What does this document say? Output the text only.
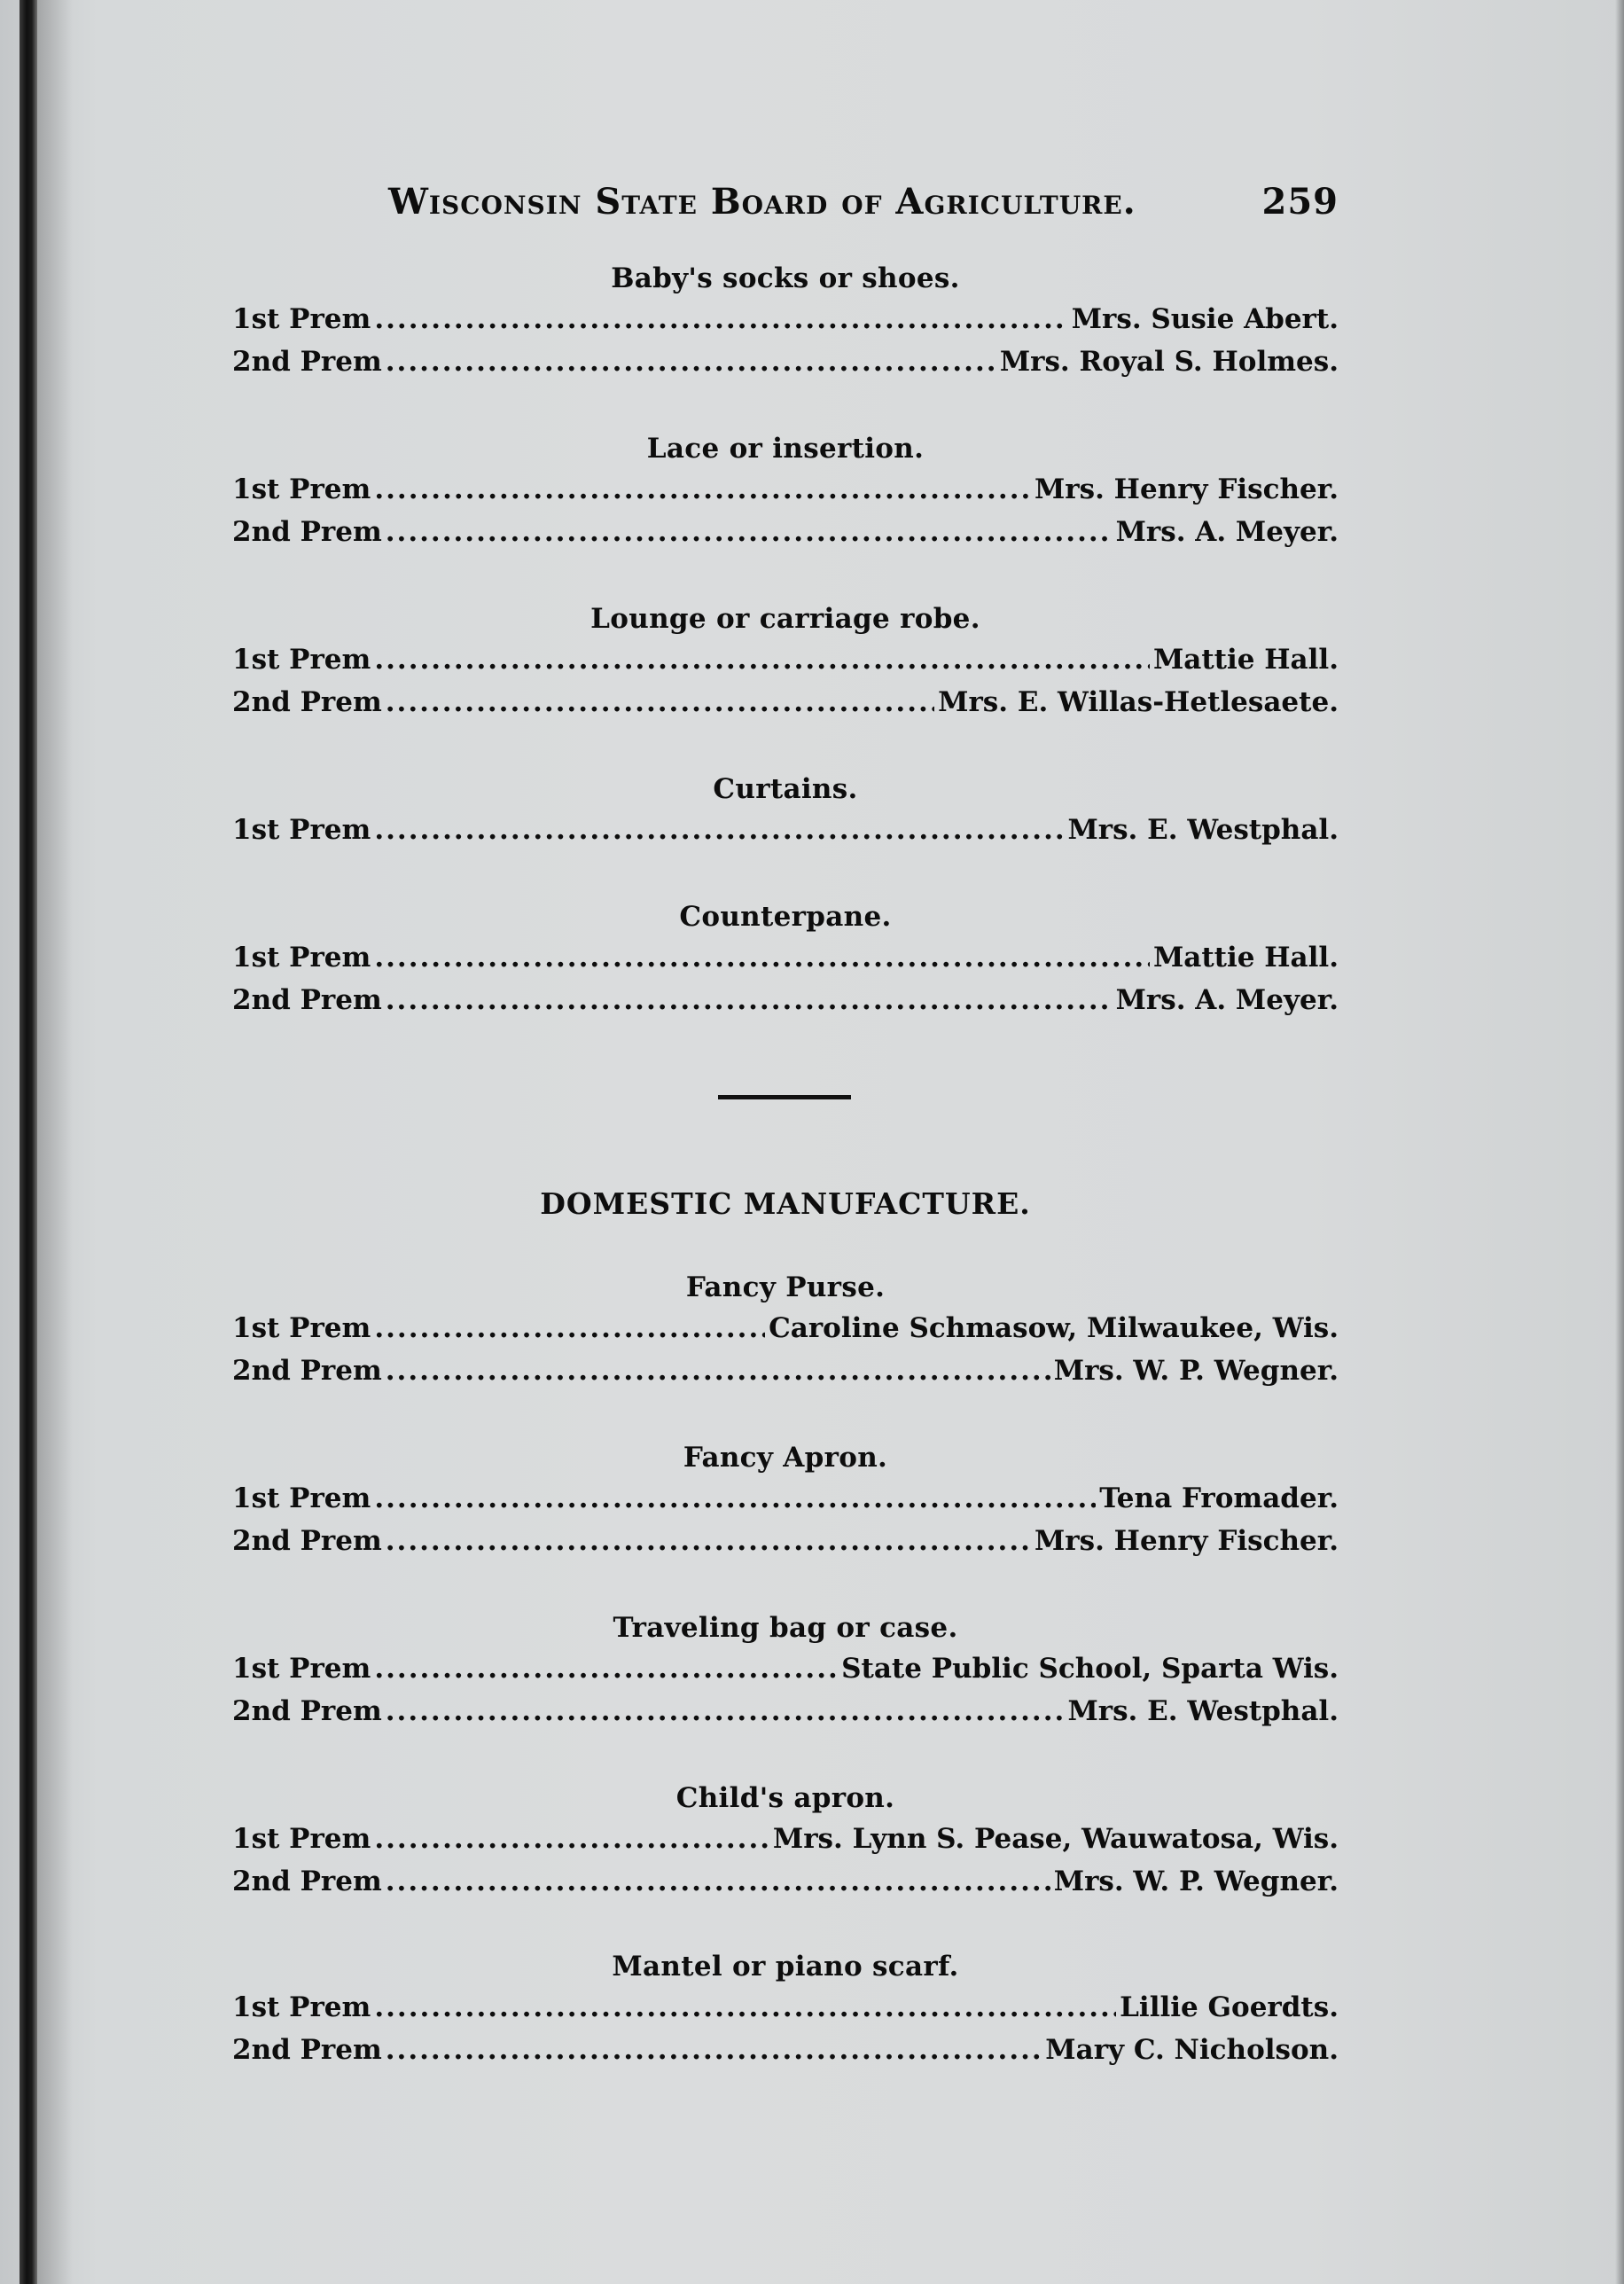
Wisconsin State Board of Agriculture.	259
Baby's socks or shoes.
1st Prem .....	Mrs. Susie Abert.
2nd Prem .....	Mrs. Royal S. Holmes.
Lace or insertion.
1st Prem .....	Mrs. Henry Fischer.
2nd Prem .....	Mrs. A. Meyer.
Lounge or carriage robe.
1st Prem .....	Mattie Hall.
2nd Prem .....	Mrs. E. Willas-Hetlesaete.
Curtains.
1st Prem .....	Mrs. E. Westphal.
Counterpane.
1st Prem .....	Mattie Hall.
2nd Prem .....	Mrs. A. Meyer.
DOMESTIC MANUFACTURE.
Fancy Purse.
1st Prem .....	Caroline Schmasow, Milwaukee, Wis.
2nd Prem .....	Mrs. W. P. Wegner.
Fancy Apron.
1st Prem .....	Tena Fromader.
2nd Prem .....	Mrs. Henry Fischer.
Traveling bag or case.
1st Prem .....	State Public School, Sparta Wis.
2nd Prem .....	Mrs. E. Westphal.
Child's apron.
1st Prem .....	Mrs. Lynn S. Pease, Wauwatosa, Wis.
2nd Prem .....	Mrs. W. P. Wegner.
Mantel or piano scarf.
1st Prem .....	Lillie Goerdts.
2nd Prem .....	Mary C. Nicholson.
